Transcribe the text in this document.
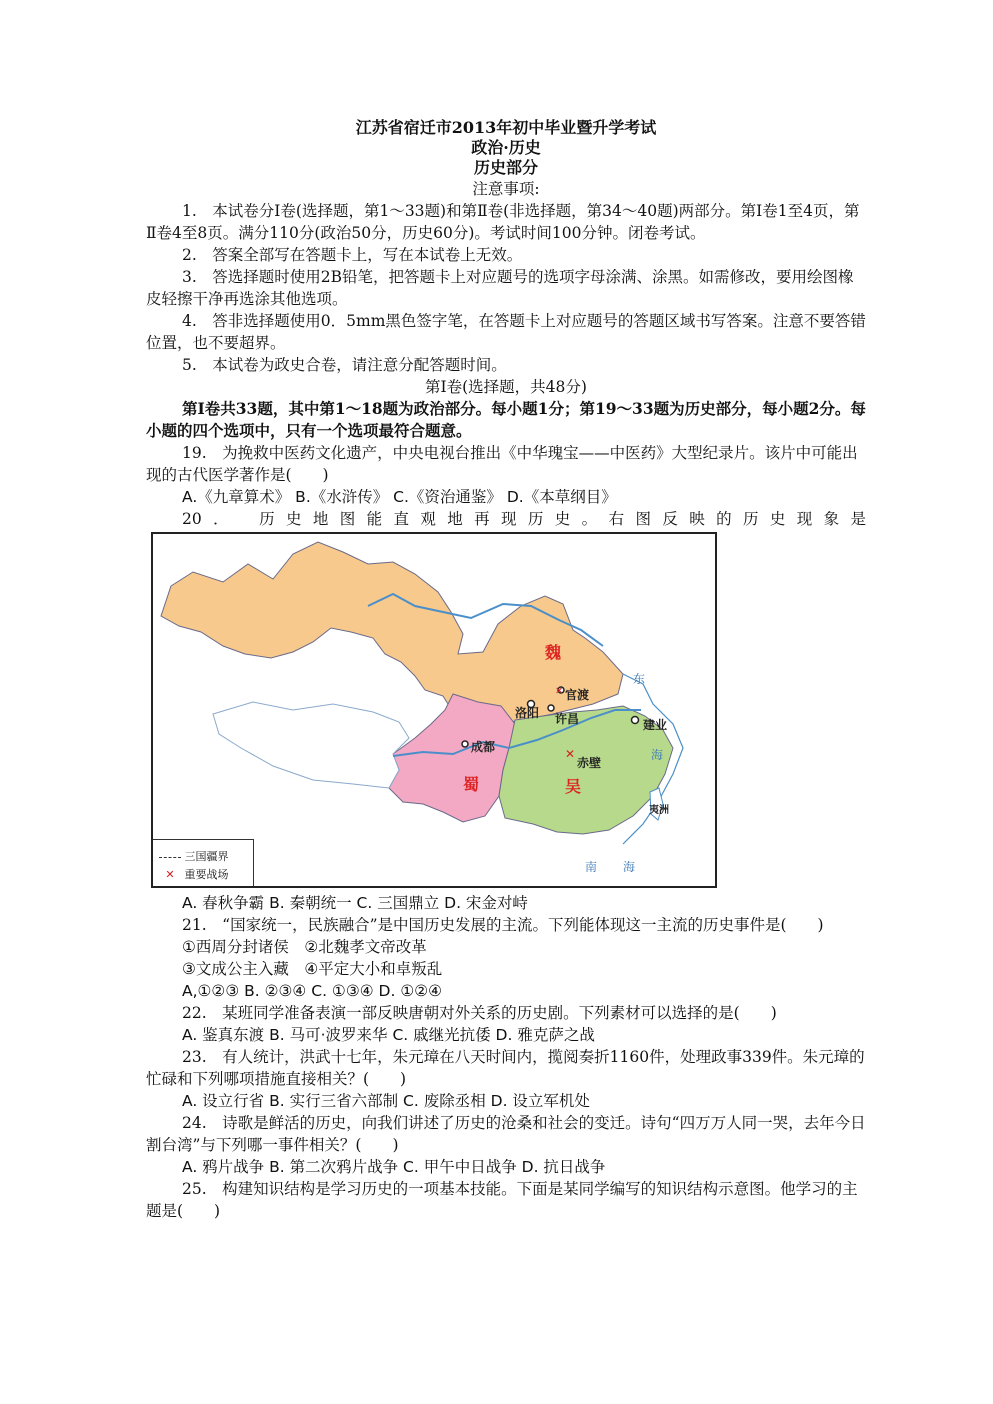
江苏省宿迁市2013年初中毕业暨升学考试
政治·历史
历史部分
注意事项:

1.　本试卷分Ⅰ卷(选择题，第1～33题)和第Ⅱ卷(非选择题，第34～40题)两部分。第Ⅰ卷1至4页，第Ⅱ卷4至8页。满分110分(政治50分，历史60分)。考试时间100分钟。闭卷考试。

2.　答案全部写在答题卡上，写在本试卷上无效。

3.　答选择题时使用2B铅笔，把答题卡上对应题号的选项字母涂满、涂黑。如需修改，要用绘图橡皮轻擦干净再选涂其他选项。

4.　答非选择题使用0．5mm黑色签字笔，在答题卡上对应题号的答题区域书写答案。注意不要答错位置，也不要超界。

5.　本试卷为政史合卷，请注意分配答题时间。

第Ⅰ卷(选择题，共48分)

第Ⅰ卷共33题，其中第1～18题为政治部分。每小题1分；第19～33题为历史部分，每小题2分。每小题的四个选项中，只有一个选项最符合题意。

19.　为挽救中医药文化遗产，中央电视台推出《中华瑰宝——中医药》大型纪录片。该片中可能出现的古代医学著作是(　　)

A.《九章算术》 B.《水浒传》 C.《资治通鉴》 D.《本草纲目》

20．　历史地图能直观地再现历史。右图反映的历史现象是

✕
✕
魏
蜀	吴
洛阳 许昌
官渡
成都
建业
赤壁
夷洲
东
海
南 海
三国疆界
✕ 重要战场

A. 春秋争霸 B. 秦朝统一 C. 三国鼎立 D. 宋金对峙

21.　“国家统一，民族融合”是中国历史发展的主流。下列能体现这一主流的历史事件是(　　)

①西周分封诸侯　②北魏孝文帝改革

③文成公主入藏　④平定大小和卓叛乱

A,①②③ B. ②③④ C. ①③④ D. ①②④

22.　某班同学准备表演一部反映唐朝对外关系的历史剧。下列素材可以选择的是(　　)

A. 鉴真东渡 B. 马可·波罗来华 C. 戚继光抗倭 D. 雅克萨之战

23.　有人统计，洪武十七年，朱元璋在八天时间内，揽阅奏折1160件，处理政事339件。朱元璋的忙碌和下列哪项措施直接相关？(　　)

A. 设立行省 B. 实行三省六部制 C. 废除丞相 D. 设立军机处

24.　诗歌是鲜活的历史，向我们讲述了历史的沧桑和社会的变迁。诗句“四万万人同一哭，去年今日割台湾”与下列哪一事件相关？(　　)

A. 鸦片战争 B. 第二次鸦片战争 C. 甲午中日战争 D. 抗日战争

25.　构建知识结构是学习历史的一项基本技能。下面是某同学编写的知识结构示意图。他学习的主题是(　　)
